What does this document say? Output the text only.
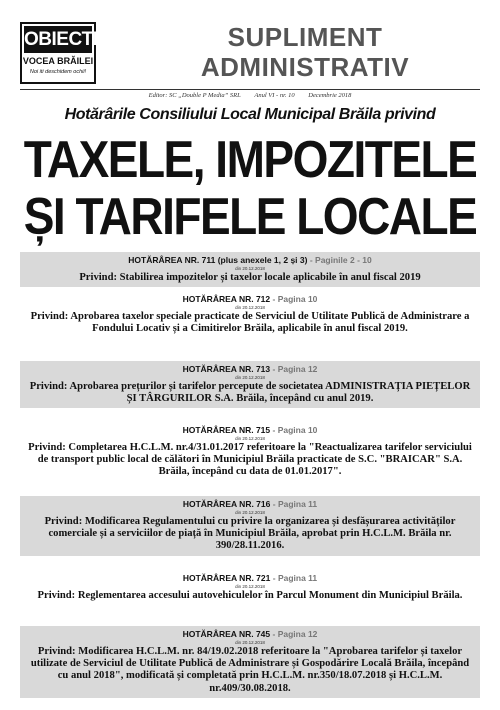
OBIECTIV
VOCEA BRĂILEI
Noi iti deschidem ochii!
SUPLIMENT
ADMINISTRATIV
Editor: SC „Double P Media” SRL Anul VI - nr. 10 Decembrie 2018
Hotărârile Consiliului Local Municipal Brăila privind
TAXELE, IMPOZITELE
ȘI TARIFELE LOCALE
HOTĂRÂREA NR. 711 (plus anexele 1, 2 și 3) - Paginile 2 - 10
din 20.12.2018
Privind: Stabilirea impozitelor și taxelor locale aplicabile în anul fiscal 2019
HOTĂRÂREA NR. 712 - Pagina 10
din 20.12.2018
Privind: Aprobarea taxelor speciale practicate de Serviciul de Utilitate Publică de Administrare a Fondului Locativ și a Cimitirelor Brăila, aplicabile în anul fiscal 2019.
HOTĂRÂREA NR. 713 - Pagina 12
din 20.12.2018
Privind: Aprobarea prețurilor și tarifelor percepute de societatea ADMINISTRAȚIA PIEȚELOR ȘI TÂRGURILOR S.A. Brăila, începând cu anul 2019.
HOTĂRÂREA NR. 715 - Pagina 10
din 20.12.2018
Privind: Completarea H.C.L.M. nr.4/31.01.2017 referitoare la "Reactualizarea tarifelor serviciului de transport public local de călători în Municipiul Brăila practicate de S.C. "BRAICAR" S.A. Brăila, începând cu data de 01.01.2017".
HOTĂRÂREA NR. 716 - Pagina 11
din 20.12.2018
Privind: Modificarea Regulamentului cu privire la organizarea și desfășurarea activităților comerciale și a serviciilor de piață în Municipiul Brăila, aprobat prin H.C.L.M. Brăila nr. 390/28.11.2016.
HOTĂRÂREA NR. 721 - Pagina 11
din 20.12.2018
Privind: Reglementarea accesului autovehiculelor în Parcul Monument din Municipiul Brăila.
HOTĂRÂREA NR. 745 - Pagina 12
din 20.12.2018
Privind: Modificarea H.C.L.M. nr. 84/19.02.2018 referitoare la "Aprobarea tarifelor și taxelor utilizate de Serviciul de Utilitate Publică de Administrare și Gospodărire Locală Brăila, începând cu anul 2018", modificată și completată prin H.C.L.M. nr.350/18.07.2018 și H.C.L.M. nr.409/30.08.2018.
